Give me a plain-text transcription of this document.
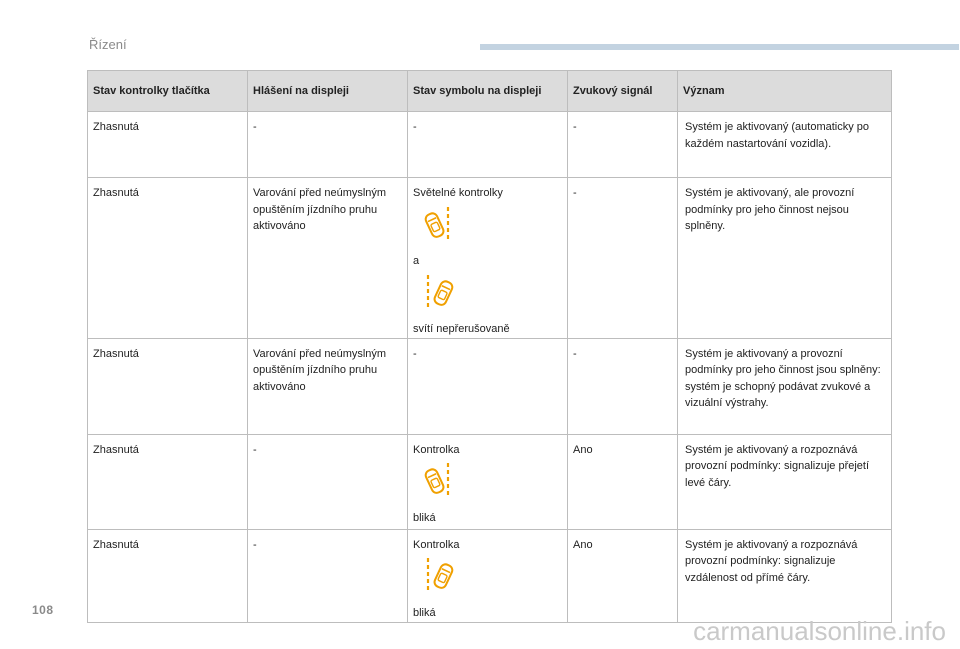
Řízení
Stav kontrolky tlačítka	Hlášení na displeji	Stav symbolu na displeji	Zvukový signál	Význam
Zhasnutá	-	-	-	Systém je aktivovaný (automaticky po každém nastartování vozidla).
Zhasnutá	Varování před neúmyslným opuštěním jízdního pruhu aktivováno	Světelné kontrolky
a
svítí nepřerušovaně	-	Systém je aktivovaný, ale provozní podmínky pro jeho činnost nejsou splněny.
Zhasnutá	Varování před neúmyslným opuštěním jízdního pruhu aktivováno	-	-	Systém je aktivovaný a provozní podmínky pro jeho činnost jsou splněny: systém je schopný podávat zvukové a vizuální výstrahy.
Zhasnutá	-	Kontrolka
bliká	Ano	Systém je aktivovaný a rozpoznává provozní podmínky: signalizuje přejetí levé čáry.
Zhasnutá	-	Kontrolka
bliká	Ano	Systém je aktivovaný a rozpoznává provozní podmínky: signalizuje vzdálenost od přímé čáry.
108
carmanualsonline.info
